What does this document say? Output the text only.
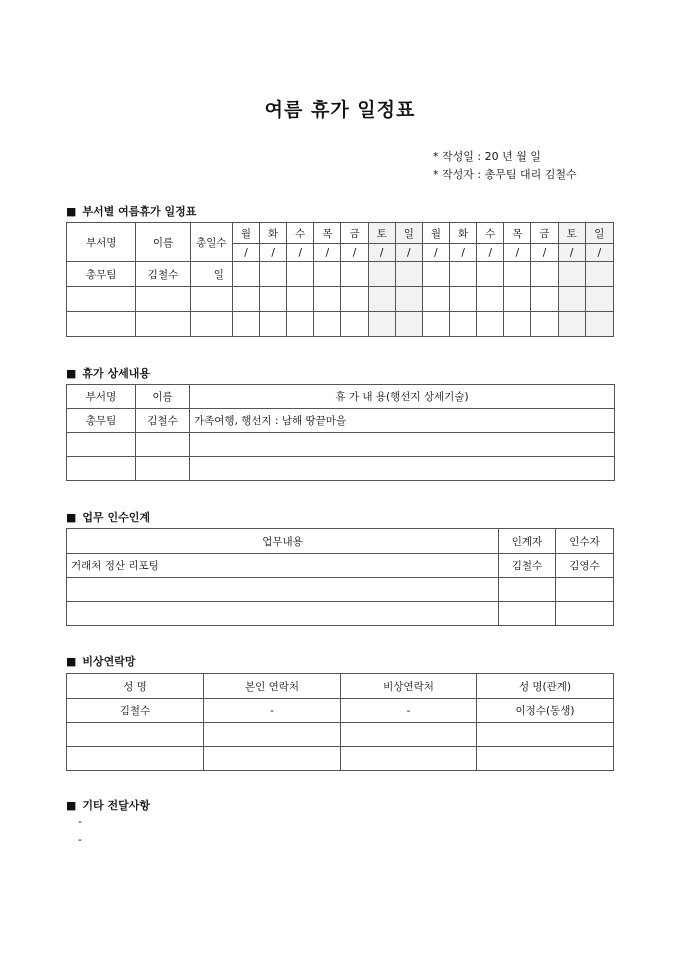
여름 휴가 일정표
* 작성일 : 20 년 월 일
* 작성자 : 총무팀 대리 김철수
■ 부서별 여름휴가 일정표
부서명	이름	총일수	월	화	수	목	금	토	일	월	화	수	목	금	토	일
			/	/	/	/	/	/	/	/	/	/	/	/	/	/
총무팀	김철수	일														

■ 휴가 상세내용
부서명	이름	휴 가 내 용(행선지 상세기술)
총무팀	김철수	가족여행, 행선지 : 남해 땅끝마을

■ 업무 인수인계
업무내용	인계자	인수자
거래처 정산 리포팅	김철수	김영수

■ 비상연락망
성 명	본인 연락처	비상연락처	성 명(관계)
김철수	-	-	이정수(동생)

■ 기타 전달사항
-
-
